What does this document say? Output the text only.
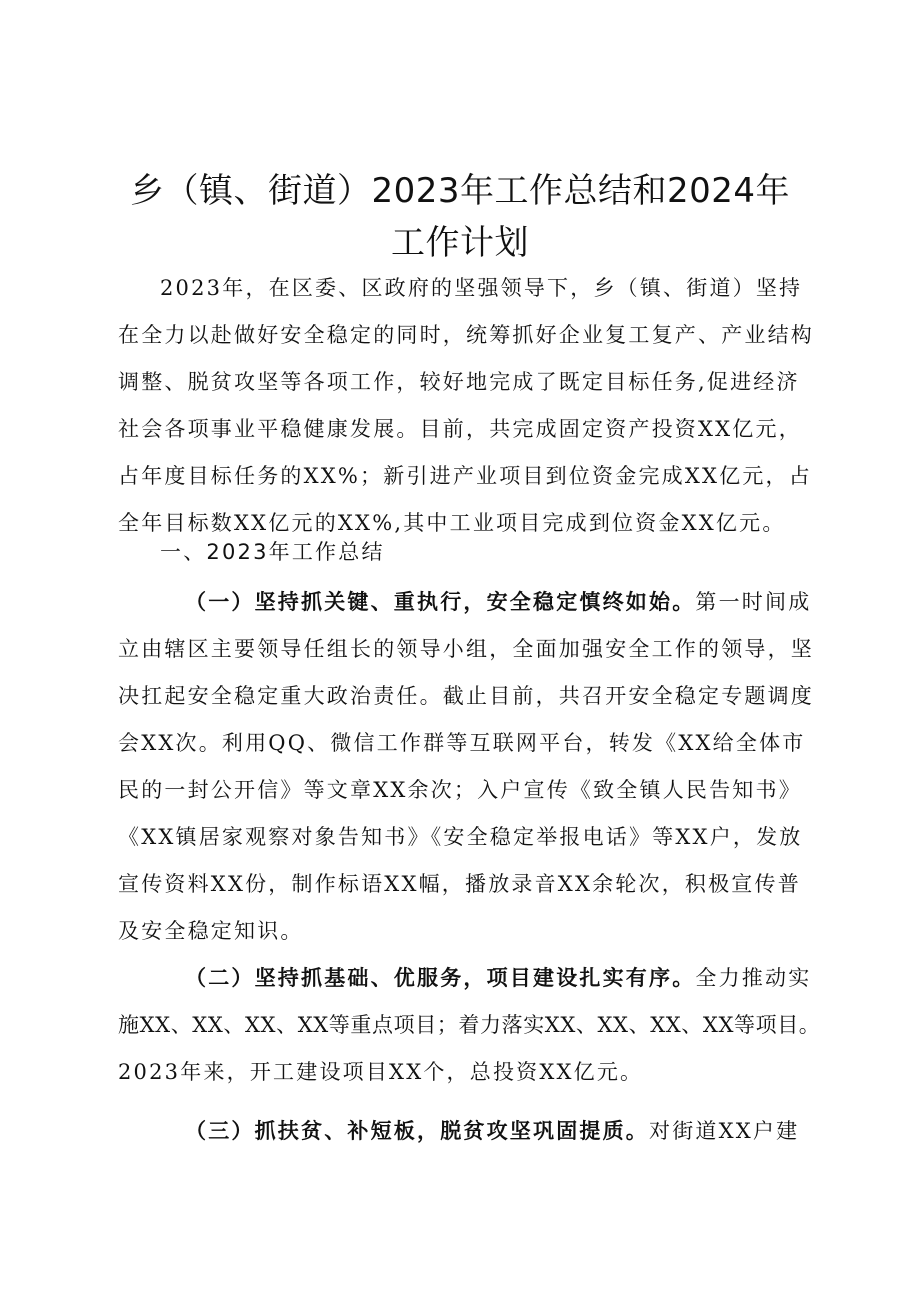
乡（镇、街道）2023年工作总结和2024年
工作计划
2023年，在区委、区政府的坚强领导下，乡（镇、街道）坚持
在全力以赴做好安全稳定的同时，统筹抓好企业复工复产、产业结构
调整、脱贫攻坚等各项工作，较好地完成了既定目标任务,促进经济
社会各项事业平稳健康发展。目前，共完成固定资产投资XX亿元，
占年度目标任务的XX%；新引进产业项目到位资金完成XX亿元，占
全年目标数XX亿元的XX%,其中工业项目完成到位资金XX亿元。
一、2023年工作总结
（一）坚持抓关键、重执行，安全稳定慎终如始。第一时间成
立由辖区主要领导任组长的领导小组，全面加强安全工作的领导，坚
决扛起安全稳定重大政治责任。截止目前，共召开安全稳定专题调度
会XX次。利用QQ、微信工作群等互联网平台，转发《XX给全体市
民的一封公开信》等文章XX余次；入户宣传《致全镇人民告知书》
《XX镇居家观察对象告知书》《安全稳定举报电话》等XX户，发放
宣传资料XX份，制作标语XX幅，播放录音XX余轮次，积极宣传普
及安全稳定知识。
（二）坚持抓基础、优服务，项目建设扎实有序。全力推动实
施XX、XX、XX、XX等重点项目；着力落实XX、XX、XX、XX等项目。
2023年来，开工建设项目XX个，总投资XX亿元。
（三）抓扶贫、补短板，脱贫攻坚巩固提质。对街道XX户建
